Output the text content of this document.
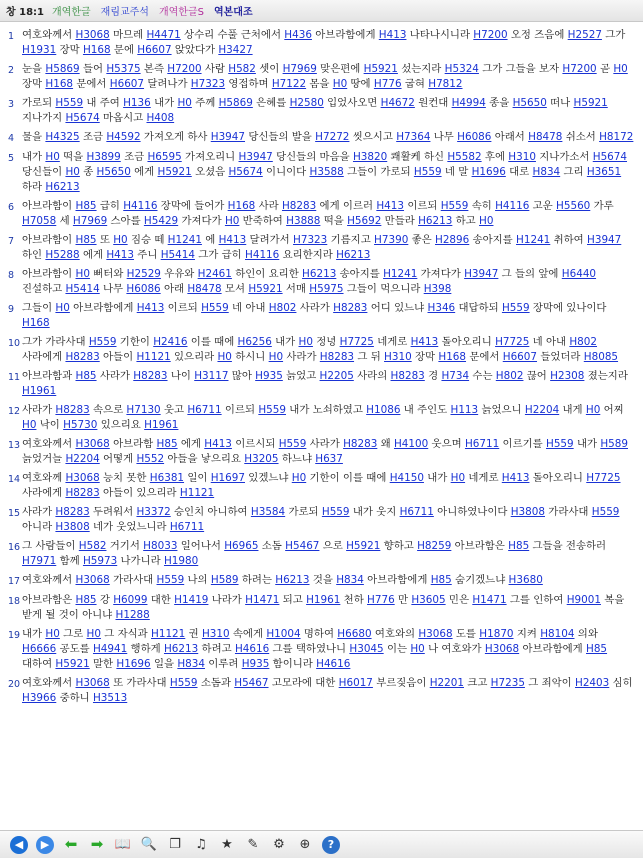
창 18:1 개역한글 재림교주석 개역한글S 역본대조
1 여호와께서 H3068 마므레 H4471 상수리 수풀 근처에서 H436 아브라함에게 H413 나타나시니라 H7200 오정 즈음에 H2527 그가 H1931 장막 H168 문에 H6607 앉았다가 H3427
2 눈을 H5869 들어 H5375 본즉 H7200 사람 H582 셋이 H7969 맞은편에 H5921 섰는지라 H5324 그가 그들을 보자 H7200 곧 H0 장막 H168 문에서 H6607 달려나가 H7323 영접하며 H7122 몸을 H0 땅에 H776 굽혀 H7812
3 가로되 H559 내 주여 H136 내가 H0 주께 H5869 은혜를 H2580 입었사오면 H4672 원컨대 H4994 종을 H5650 떠나 H5921 지나가지 H5674 마옵시고 H408
4 물을 H4325 조금 H4592 가져오게 하사 H3947 당신들의 발을 H7272 씻으시고 H7364 나무 H6086 아래서 H8478 쉬소서 H8172
5 내가 H0 떡을 H3899 조금 H6595 가져오리니 H3947 당신들의 마음을 H3820 쾌활케 하신 H5582 후에 H310 지나가소서 H5674 당신들이 H0 종 H5650 에게 H5921 오셨음 H5674 이니이다 H3588 그들이 가로되 H559 네 말 H1696 대로 H834 그리 H3651 하라 H6213
6 아브라함이 H85 급히 H4116 장막에 들어가 H168 사라 H8283 에게 이르러 H413 이르되 H559 속히 H4116 고운 H5560 가루 H7058 세 H7969 스아를 H5429 가져다가 H0 반죽하여 H3888 떡을 H5692 만들라 H6213 하고 H0
7 아브라함이 H85 또 H0 짐승 떼 H1241 에 H413 달려가서 H7323 기름지고 H7390 좋은 H2896 송아지를 H1241 취하여 H3947 하인 H5288 에게 H413 주니 H5414 그가 급히 H4116 요리한지라 H6213
8 아브라함이 H0 뻐터와 H2529 우유와 H2461 하인이 요리한 H6213 송아지를 H1241 가져다가 H3947 그 들의 앞에 H6440 진설하고 H5414 나무 H6086 아래 H8478 모셔 H5921 서매 H5975 그들이 먹으니라 H398
9 그들이 H0 아브라함에게 H413 이르되 H559 네 아내 H802 사라가 H8283 어디 있느냐 H346 대답하되 H559 장막에 있나이다 H168
10 그가 가라사대 H559 기한이 H2416 이를 때에 H6256 내가 H0 정녕 H7725 네게로 H413 돌아오리니 H7725 네 아내 H802 사라에게 H8283 아들이 H1121 있으리라 H0 하시니 H0 사라가 H8283 그 뒤 H310 장막 H168 문에서 H6607 들었더라 H8085
11 아브라함과 H85 사라가 H8283 나이 H3117 많아 H935 늙었고 H2205 사라의 H8283 경 H734 수는 H802 끊어 H2308 졌는지라 H1961
12 사라가 H8283 속으로 H7130 웃고 H6711 이르되 H559 내가 노쇠하였고 H1086 내 주인도 H113 늙었으니 H2204 내게 H0 어찌 H0 낙이 H5730 있으리요 H1961
13 여호와께서 H3068 아브라함 H85 에게 H413 이르시되 H559 사라가 H8283 왜 H4100 웃으며 H6711 이르기를 H559 내가 H589 늙었거늘 H2204 어떻게 H552 아들을 낳으리요 H3205 하느냐 H637
14 여호와께 H3068 능치 못한 H6381 일이 H1697 있겠느냐 H0 기한이 이를 때에 H4150 내가 H0 네게로 H413 돌아오리니 H7725 사라에게 H8283 아들이 있으리라 H1121
15 사라가 H8283 두려워서 H3372 승인치 아니하여 H3584 가로되 H559 내가 웃지 H6711 아니하였나이다 H3808 가라사대 H559 아니라 H3808 네가 웃었느니라 H6711
16 그 사람들이 H582 거기서 H8033 일어나서 H6965 소돔 H5467 으로 H5921 향하고 H8259 아브라함은 H85 그들을 전송하러 H7971 함께 H5973 나가니라 H1980
17 여호와께서 H3068 가라사대 H559 나의 H589 하려는 H6213 것을 H834 아브라함에게 H85 숨기겠느냐 H3680
18 아브라함은 H85 강 H6099 대한 H1419 나라가 H1471 되고 H1961 천하 H776 만 H3605 민은 H1471 그를 인하여 H9001 복을 받게 될 것이 아니냐 H1288
19 내가 H0 그로 H0 그 자식과 H1121 권 H310 속에게 H1004 명하여 H6680 여호와의 H3068 도를 H1870 지켜 H8104 의와 H6666 공도를 H4941 행하게 H6213 하려고 H4616 그를 택하였나니 H3045 이는 H0 나 여호와가 H3068 아브라함에게 H85 대하여 H5921 말한 H1696 일을 H834 이루려 H935 함이니라 H4616
20 여호와께서 H3068 또 가라사대 H559 소돔과 H5467 고모라에 대한 H6017 부르짖음이 H2201 크고 H7235 그 죄악이 H2403 심히 H3966 중하니 H3513
◀	▶	⬅ ➡ 📖 🔍 ❐ ♫ ★ ✎ ⚙ ⊕	?
